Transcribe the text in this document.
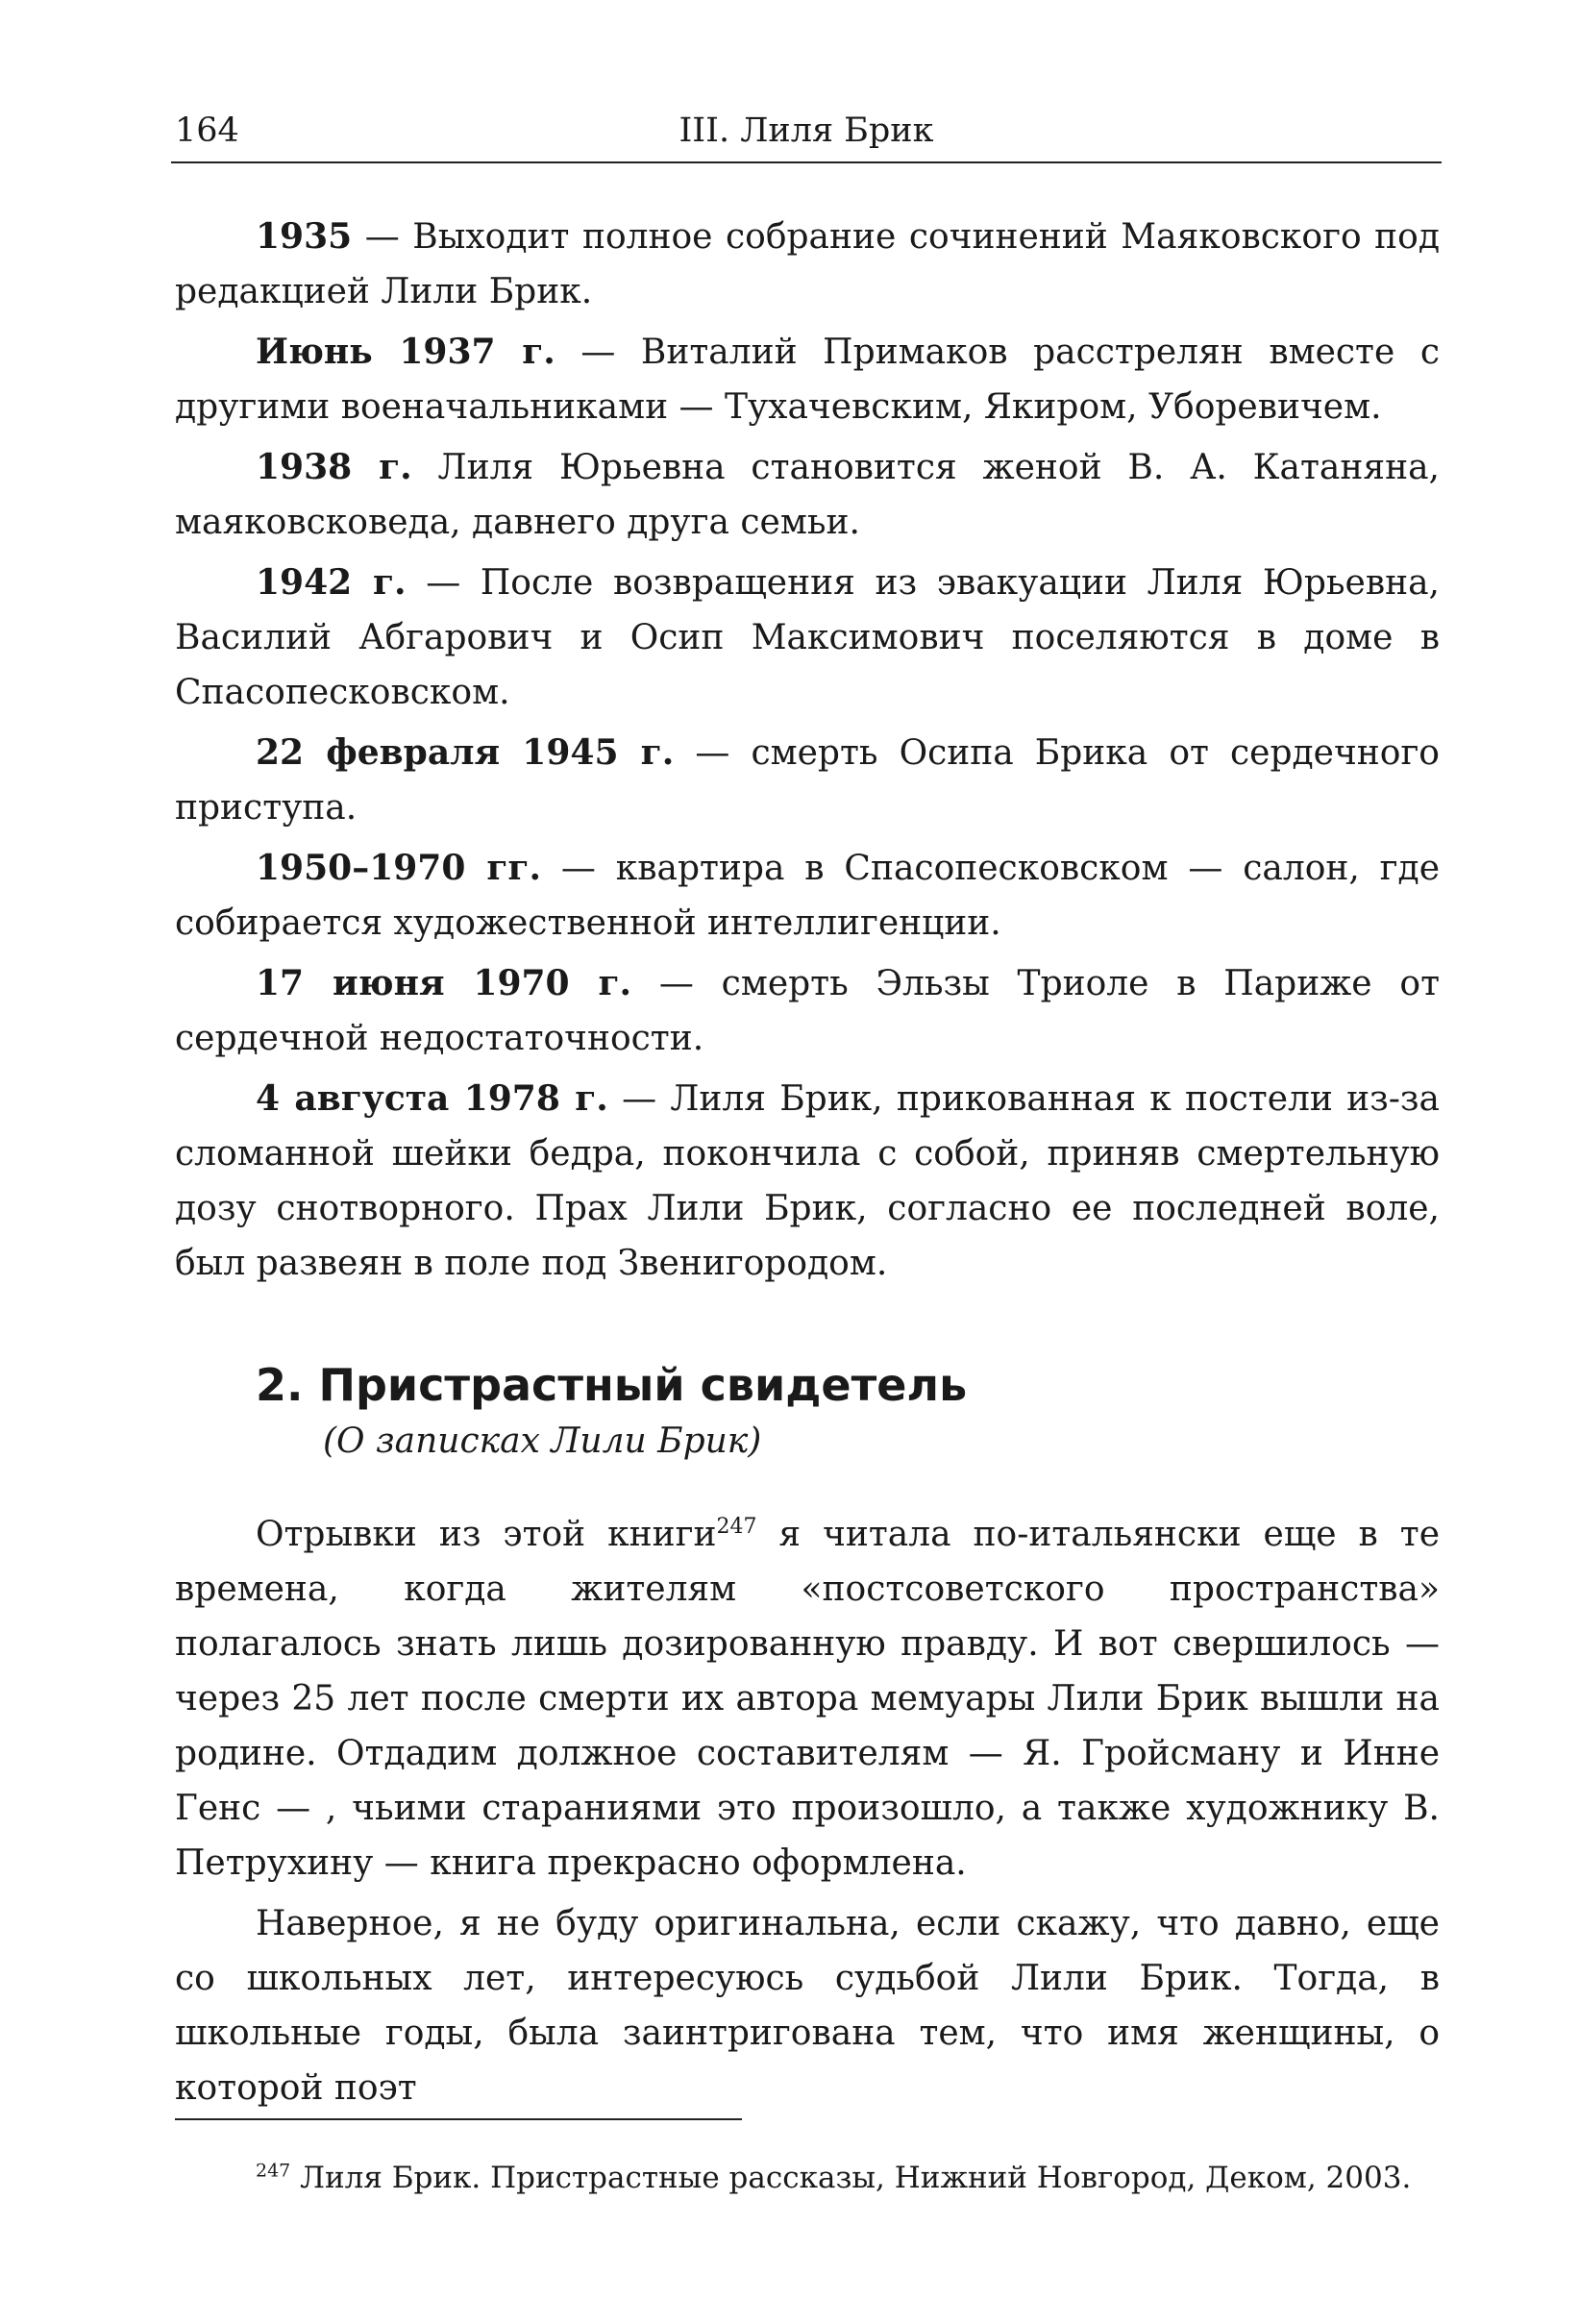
164	III. Лиля Брик

1935 — Выходит полное собрание сочинений Маяковского под редакцией Лили Брик.

Июнь 1937 г. — Виталий Примаков расстрелян вместе с другими военачальниками — Тухачевским, Якиром, Уборевичем.

1938 г. Лиля Юрьевна становится женой В. А. Катаняна, маяковсковеда, давнего друга семьи.

1942 г. — После возвращения из эвакуации Лиля Юрьевна, Василий Абгарович и Осип Максимович поселяются в доме в Спасопесковском.

22 февраля 1945 г. — смерть Осипа Брика от сердечного приступа.

1950–1970 гг. — квартира в Спасопесковском — салон, где собирается художественной интеллигенции.

17 июня 1970 г. — смерть Эльзы Триоле в Париже от сердечной недостаточности.

4 августа 1978 г. — Лиля Брик, прикованная к постели из-за сломанной шейки бедра, покончила с собой, приняв смертельную дозу снотворного. Прах Лили Брик, согласно ее последней воле, был развеян в поле под Звенигородом.

2. Пристрастный свидетель
(О записках Лили Брик)

Отрывки из этой книги$^{247}$ я читала по-итальянски еще в те времена, когда жителям «постсоветского пространства» полагалось знать лишь дозированную правду. И вот свершилось — через 25 лет после смерти их автора мемуары Лили Брик вышли на родине. Отдадим должное составителям — Я. Гройсману и Инне Генс — , чьими стараниями это произошло, а также художнику В. Петрухину — книга прекрасно оформлена.

Наверное, я не буду оригинальна, если скажу, что давно, еще со школьных лет, интересуюсь судьбой Лили Брик. Тогда, в школьные годы, была заинтригована тем, что имя женщины, о которой поэт

$^{247}$ Лиля Брик. Пристрастные рассказы, Нижний Новгород, Деком, 2003.
